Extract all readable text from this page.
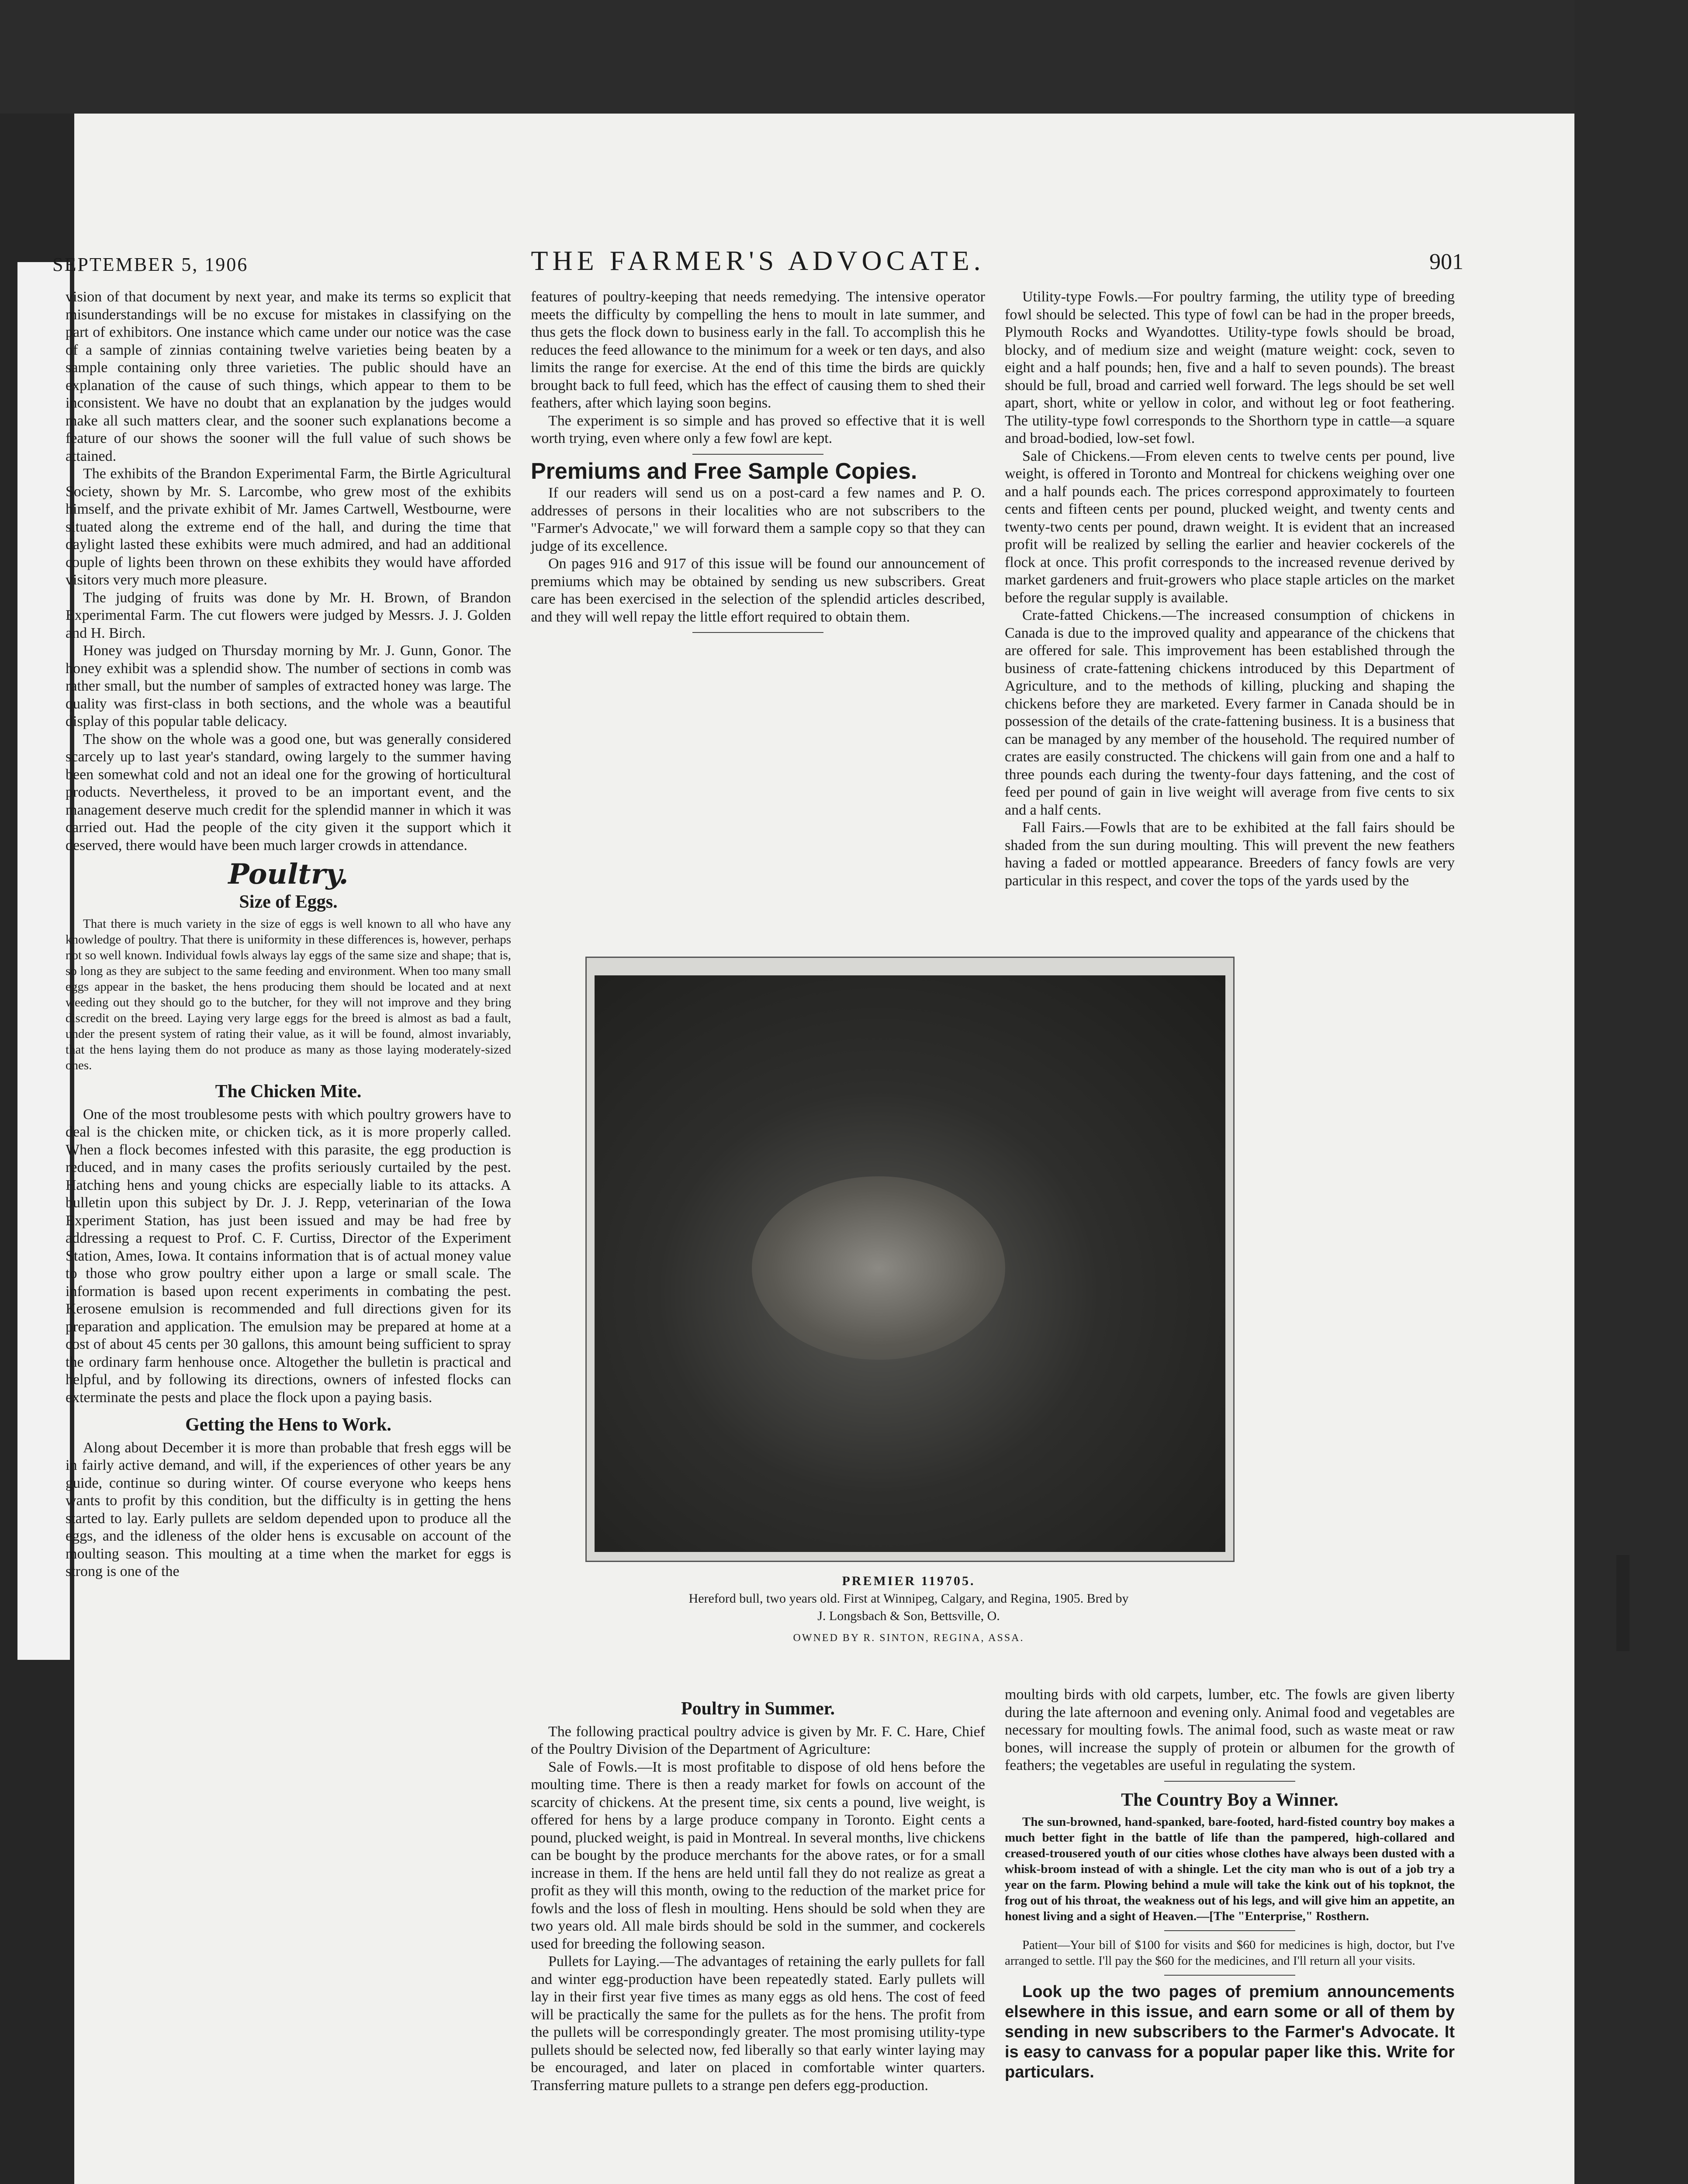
SEPTEMBER 5, 1906	THE FARMER'S ADVOCATE.	901

vision of that document by next year, and make its terms so explicit that misunderstandings will be no excuse for mistakes in classifying on the part of exhibitors. One instance which came under our notice was the case of a sample of zinnias containing twelve varieties being beaten by a sample containing only three varieties. The public should have an explanation of the cause of such things, which appear to them to be inconsistent. We have no doubt that an explanation by the judges would make all such matters clear, and the sooner such explanations become a feature of our shows the sooner will the full value of such shows be attained.

The exhibits of the Brandon Experimental Farm, the Birtle Agricultural Society, shown by Mr. S. Larcombe, who grew most of the exhibits himself, and the private exhibit of Mr. James Cartwell, Westbourne, were situated along the extreme end of the hall, and during the time that daylight lasted these exhibits were much admired, and had an additional couple of lights been thrown on these exhibits they would have afforded visitors very much more pleasure.

The judging of fruits was done by Mr. H. Brown, of Brandon Experimental Farm. The cut flowers were judged by Messrs. J. J. Golden and H. Birch.

Honey was judged on Thursday morning by Mr. J. Gunn, Gonor. The honey exhibit was a splendid show. The number of sections in comb was rather small, but the number of samples of extracted honey was large. The quality was first-class in both sections, and the whole was a beautiful display of this popular table delicacy.

The show on the whole was a good one, but was generally considered scarcely up to last year's standard, owing largely to the summer having been somewhat cold and not an ideal one for the growing of horticultural products. Nevertheless, it proved to be an important event, and the management deserve much credit for the splendid manner in which it was carried out. Had the people of the city given it the support which it deserved, there would have been much larger crowds in attendance.

Poultry.
Size of Eggs.

That there is much variety in the size of eggs is well known to all who have any knowledge of poultry. That there is uniformity in these differences is, however, perhaps not so well known. Individual fowls always lay eggs of the same size and shape; that is, so long as they are subject to the same feeding and environment. When too many small eggs appear in the basket, the hens producing them should be located and at next weeding out they should go to the butcher, for they will not improve and they bring discredit on the breed. Laying very large eggs for the breed is almost as bad a fault, under the present system of rating their value, as it will be found, almost invariably, that the hens laying them do not produce as many as those laying moderately-sized ones.

The Chicken Mite.

One of the most troublesome pests with which poultry growers have to deal is the chicken mite, or chicken tick, as it is more properly called. When a flock becomes infested with this parasite, the egg production is reduced, and in many cases the profits seriously curtailed by the pest. Hatching hens and young chicks are especially liable to its attacks. A bulletin upon this subject by Dr. J. J. Repp, veterinarian of the Iowa Experiment Station, has just been issued and may be had free by addressing a request to Prof. C. F. Curtiss, Director of the Experiment Station, Ames, Iowa. It contains information that is of actual money value to those who grow poultry either upon a large or small scale. The information is based upon recent experiments in combating the pest. Kerosene emulsion is recommended and full directions given for its preparation and application. The emulsion may be prepared at home at a cost of about 45 cents per 30 gallons, this amount being sufficient to spray the ordinary farm henhouse once. Altogether the bulletin is practical and helpful, and by following its directions, owners of infested flocks can exterminate the pests and place the flock upon a paying basis.

Getting the Hens to Work.

Along about December it is more than probable that fresh eggs will be in fairly active demand, and will, if the experiences of other years be any guide, continue so during winter. Of course everyone who keeps hens wants to profit by this condition, but the difficulty is in getting the hens started to lay. Early pullets are seldom depended upon to produce all the eggs, and the idleness of the older hens is excusable on account of the moulting season. This moulting at a time when the market for eggs is strong is one of the

features of poultry-keeping that needs remedying. The intensive operator meets the difficulty by compelling the hens to moult in late summer, and thus gets the flock down to business early in the fall. To accomplish this he reduces the feed allowance to the minimum for a week or ten days, and also limits the range for exercise. At the end of this time the birds are quickly brought back to full feed, which has the effect of causing them to shed their feathers, after which laying soon begins.

The experiment is so simple and has proved so effective that it is well worth trying, even where only a few fowl are kept.

Premiums and Free Sample Copies.

If our readers will send us on a post-card a few names and P. O. addresses of persons in their localities who are not subscribers to the "Farmer's Advocate," we will forward them a sample copy so that they can judge of its excellence.

On pages 916 and 917 of this issue will be found our announcement of premiums which may be obtained by sending us new subscribers. Great care has been exercised in the selection of the splendid articles described, and they will well repay the little effort required to obtain them.

PREMIER 119705.
Hereford bull, two years old. First at Winnipeg, Calgary, and Regina, 1905. Bred by
J. Longsbach & Son, Bettsville, O.
OWNED BY R. SINTON, REGINA, ASSA.
Poultry in Summer.

The following practical poultry advice is given by Mr. F. C. Hare, Chief of the Poultry Division of the Department of Agriculture:

Sale of Fowls.—It is most profitable to dispose of old hens before the moulting time. There is then a ready market for fowls on account of the scarcity of chickens. At the present time, six cents a pound, live weight, is offered for hens by a large produce company in Toronto. Eight cents a pound, plucked weight, is paid in Montreal. In several months, live chickens can be bought by the produce merchants for the above rates, or for a small increase in them. If the hens are held until fall they do not realize as great a profit as they will this month, owing to the reduction of the market price for fowls and the loss of flesh in moulting. Hens should be sold when they are two years old. All male birds should be sold in the summer, and cockerels used for breeding the following season.

Pullets for Laying.—The advantages of retaining the early pullets for fall and winter egg-production have been repeatedly stated. Early pullets will lay in their first year five times as many eggs as old hens. The cost of feed will be practically the same for the pullets as for the hens. The profit from the pullets will be correspondingly greater. The most promising utility-type pullets should be selected now, fed liberally so that early winter laying may be encouraged, and later on placed in comfortable winter quarters. Transferring mature pullets to a strange pen defers egg-production.

Utility-type Fowls.—For poultry farming, the utility type of breeding fowl should be selected. This type of fowl can be had in the proper breeds, Plymouth Rocks and Wyandottes. Utility-type fowls should be broad, blocky, and of medium size and weight (mature weight: cock, seven to eight and a half pounds; hen, five and a half to seven pounds). The breast should be full, broad and carried well forward. The legs should be set well apart, short, white or yellow in color, and without leg or foot feathering. The utility-type fowl corresponds to the Shorthorn type in cattle—a square and broad-bodied, low-set fowl.

Sale of Chickens.—From eleven cents to twelve cents per pound, live weight, is offered in Toronto and Montreal for chickens weighing over one and a half pounds each. The prices correspond approximately to fourteen cents and fifteen cents per pound, plucked weight, and twenty cents and twenty-two cents per pound, drawn weight. It is evident that an increased profit will be realized by selling the earlier and heavier cockerels of the flock at once. This profit corresponds to the increased revenue derived by market gardeners and fruit-growers who place staple articles on the market before the regular supply is available.

Crate-fatted Chickens.—The increased consumption of chickens in Canada is due to the improved quality and appearance of the chickens that are offered for sale. This improvement has been established through the business of crate-fattening chickens introduced by this Department of Agriculture, and to the methods of killing, plucking and shaping the chickens before they are marketed. Every farmer in Canada should be in possession of the details of the crate-fattening business. It is a business that can be managed by any member of the household. The required number of crates are easily constructed. The chickens will gain from one and a half to three pounds each during the twenty-four days fattening, and the cost of feed per pound of gain in live weight will average from five cents to six and a half cents.

Fall Fairs.—Fowls that are to be exhibited at the fall fairs should be shaded from the sun during moulting. This will prevent the new feathers having a faded or mottled appearance. Breeders of fancy fowls are very particular in this respect, and cover the tops of the yards used by the

moulting birds with old carpets, lumber, etc. The fowls are given liberty during the late afternoon and evening only. Animal food and vegetables are necessary for moulting fowls. The animal food, such as waste meat or raw bones, will increase the supply of protein or albumen for the growth of feathers; the vegetables are useful in regulating the system.

The Country Boy a Winner.

The sun-browned, hand-spanked, bare-footed, hard-fisted country boy makes a much better fight in the battle of life than the pampered, high-collared and creased-trousered youth of our cities whose clothes have always been dusted with a whisk-broom instead of with a shingle. Let the city man who is out of a job try a year on the farm. Plowing behind a mule will take the kink out of his topknot, the frog out of his throat, the weakness out of his legs, and will give him an appetite, an honest living and a sight of Heaven.—[The "Enterprise," Rosthern.

Patient—Your bill of $100 for visits and $60 for medicines is high, doctor, but I've arranged to settle. I'll pay the $60 for the medicines, and I'll return all your visits.

Look up the two pages of premium announcements elsewhere in this issue, and earn some or all of them by sending in new subscribers to the Farmer's Advocate. It is easy to canvass for a popular paper like this. Write for particulars.
